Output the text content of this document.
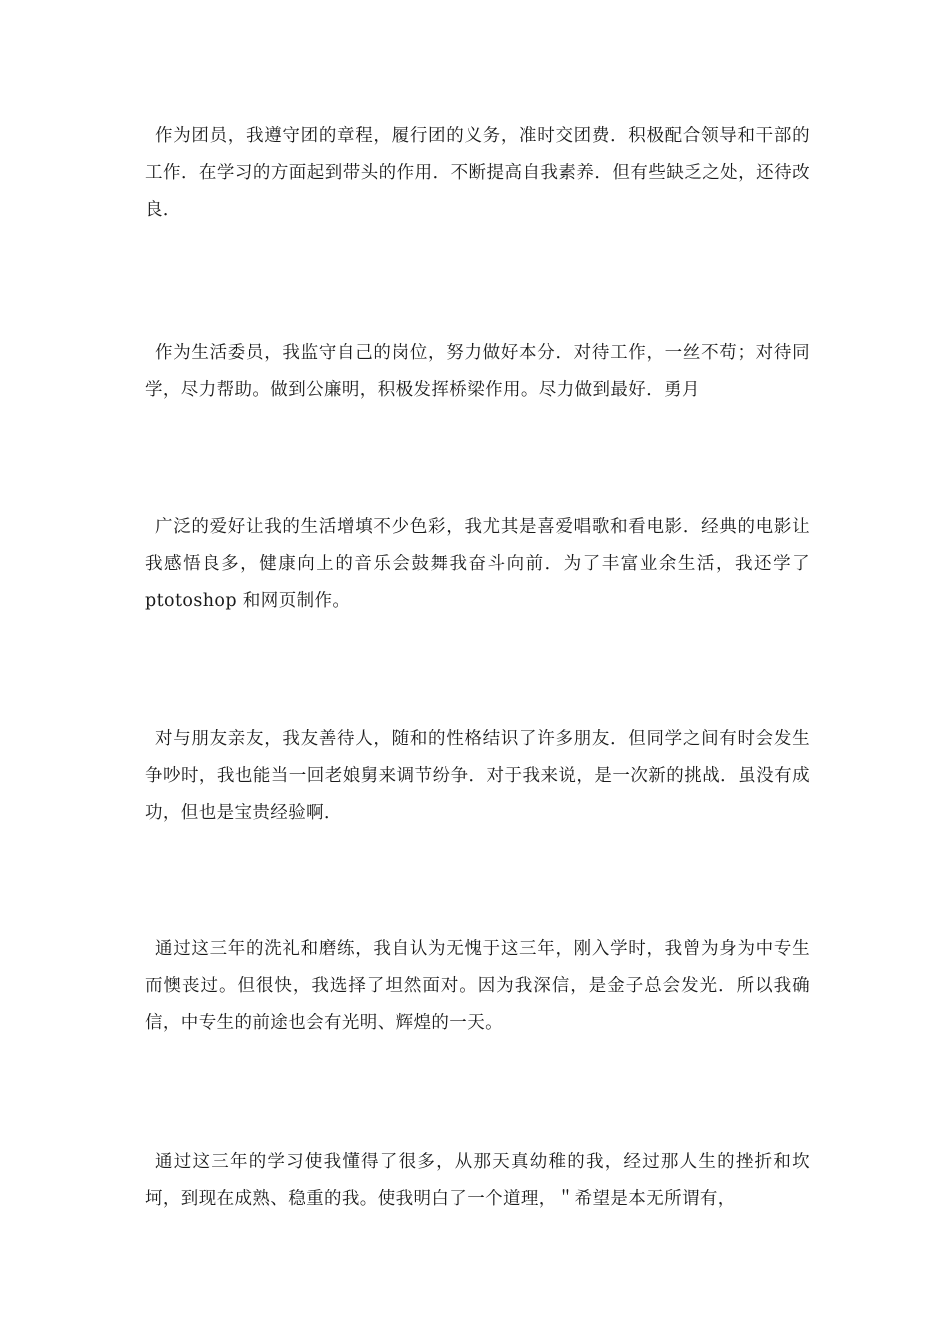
作为团员，我遵守团的章程，履行团的义务，准时交团费．积极配合领导和干部的工作．在学习的方面起到带头的作用．不断提高自我素养．但有些缺乏之处，还待改良．

作为生活委员，我监守自己的岗位，努力做好本分．对待工作，一丝不苟；对待同学，尽力帮助。做到公廉明，积极发挥桥梁作用。尽力做到最好．勇月

广泛的爱好让我的生活增填不少色彩，我尤其是喜爱唱歌和看电影．经典的电影让我感悟良多，健康向上的音乐会鼓舞我奋斗向前．为了丰富业余生活，我还学了 ptotoshop 和网页制作。

对与朋友亲友，我友善待人，随和的性格结识了许多朋友．但同学之间有时会发生争吵时，我也能当一回老娘舅来调节纷争．对于我来说，是一次新的挑战．虽没有成功，但也是宝贵经验啊．

通过这三年的洗礼和磨练，我自认为无愧于这三年，刚入学时，我曾为身为中专生而懊丧过。但很快，我选择了坦然面对。因为我深信，是金子总会发光．所以我确信，中专生的前途也会有光明、辉煌的一天。

通过这三年的学习使我懂得了很多，从那天真幼稚的我，经过那人生的挫折和坎坷，到现在成熟、稳重的我。使我明白了一个道理，＂希望是本无所谓有，
